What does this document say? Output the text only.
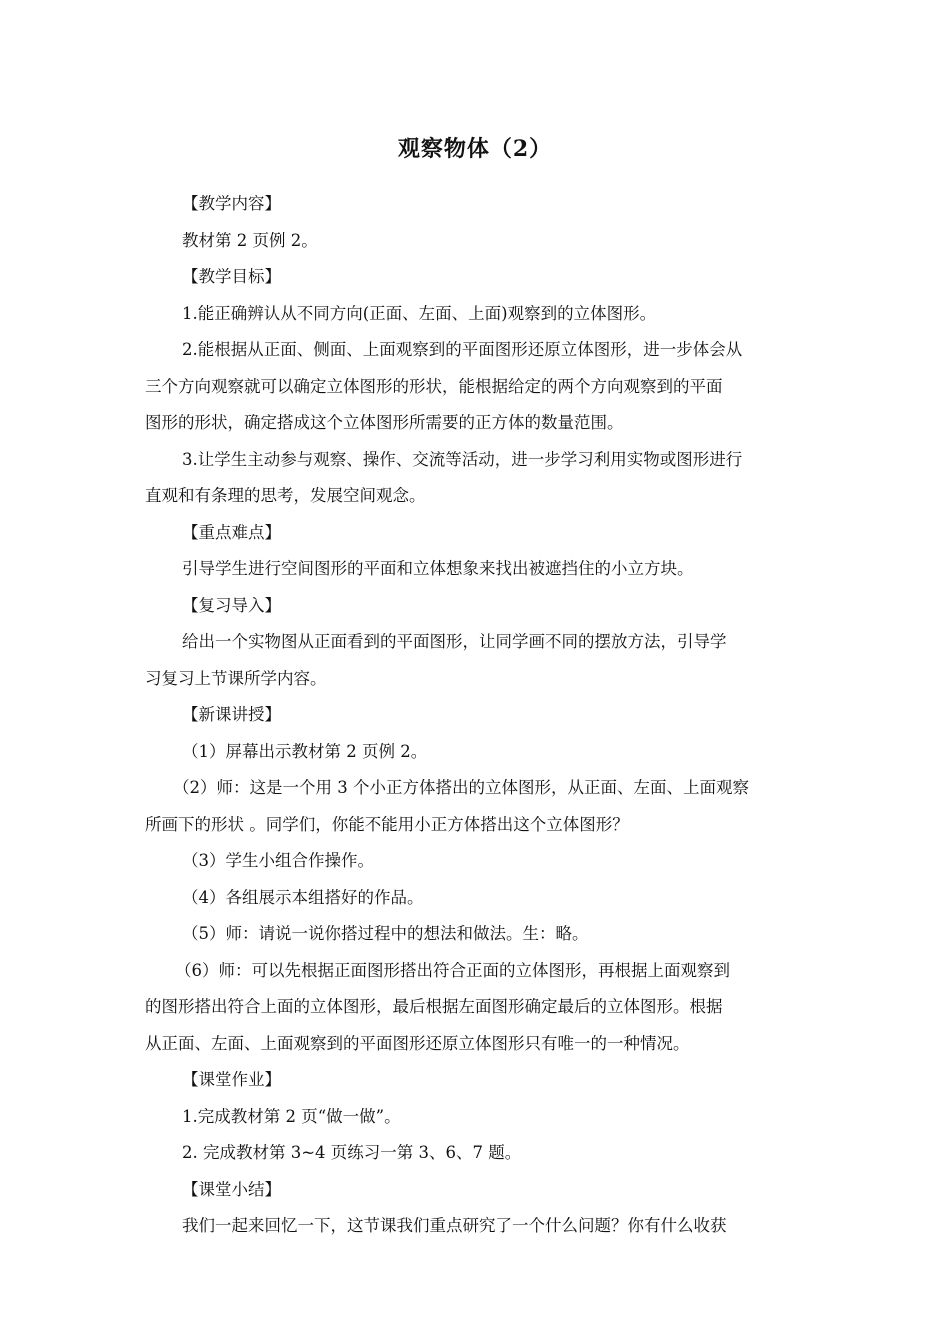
观察物体（2）
【教学内容】
教材第 2 页例 2。
【教学目标】
1.能正确辨认从不同方向(正面、左面、上面)观察到的立体图形。
2.能根据从正面、侧面、上面观察到的平面图形还原立体图形，进一步体会从
三个方向观察就可以确定立体图形的形状，能根据给定的两个方向观察到的平面
图形的形状，确定搭成这个立体图形所需要的正方体的数量范围。
3.让学生主动参与观察、操作、交流等活动，进一步学习利用实物或图形进行
直观和有条理的思考，发展空间观念。
【重点难点】
引导学生进行空间图形的平面和立体想象来找出被遮挡住的小立方块。
【复习导入】
给出一个实物图从正面看到的平面图形，让同学画不同的摆放方法，引导学
习复习上节课所学内容。
【新课讲授】
（1）屏幕出示教材第 2 页例 2。
（2）师：这是一个用 3 个小正方体搭出的立体图形，从正面、左面、上面观察
所画下的形状 。同学们，你能不能用小正方体搭出这个立体图形？
（3）学生小组合作操作。
（4）各组展示本组搭好的作品。
（5）师：请说一说你搭过程中的想法和做法。生：略。
（6）师：可以先根据正面图形搭出符合正面的立体图形，再根据上面观察到
的图形搭出符合上面的立体图形，最后根据左面图形确定最后的立体图形。根据
从正面、左面、上面观察到的平面图形还原立体图形只有唯一的一种情况。
【课堂作业】
1.完成教材第 2 页“做一做”。
2. 完成教材第 3~4 页练习一第 3、6、7 题。
【课堂小结】
我们一起来回忆一下，这节课我们重点研究了一个什么问题？你有什么收获
